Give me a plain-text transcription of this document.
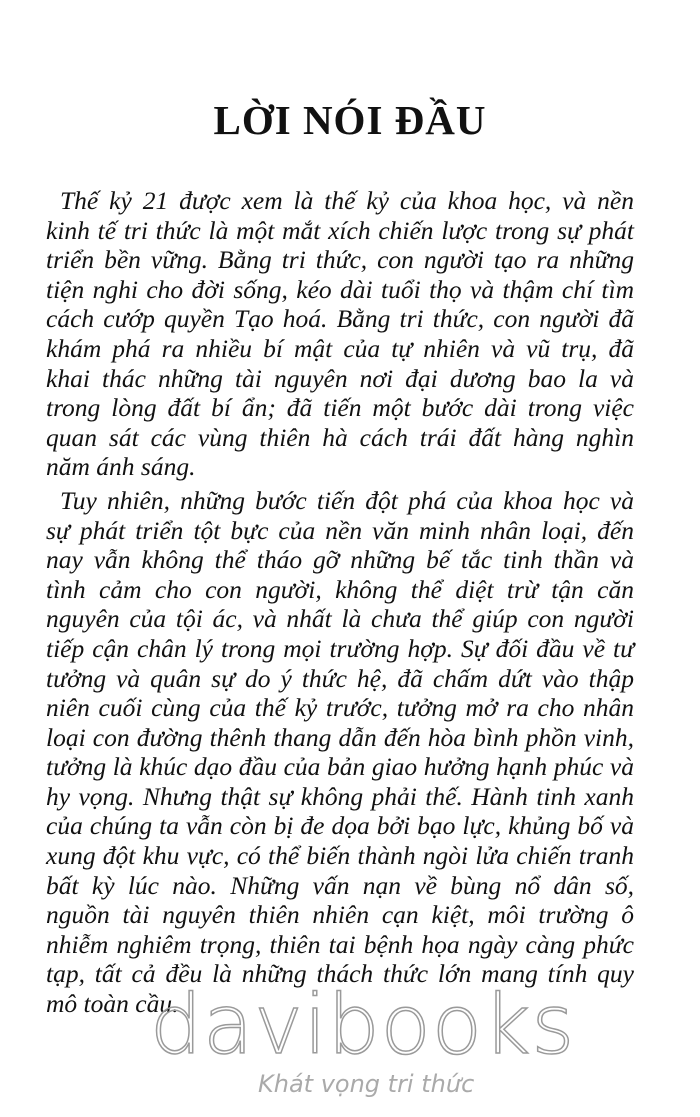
LỜI NÓI ĐẦU
Thế kỷ 21 được xem là thế kỷ của khoa học, và nền
kinh tế tri thức là một mắt xích chiến lược trong sự phát
triển bền vững. Bằng tri thức, con người tạo ra những
tiện nghi cho đời sống, kéo dài tuổi thọ và thậm chí tìm
cách cướp quyền Tạo hoá. Bằng tri thức, con người đã
khám phá ra nhiều bí mật của tự nhiên và vũ trụ, đã
khai thác những tài nguyên nơi đại dương bao la và
trong lòng đất bí ẩn; đã tiến một bước dài trong việc
quan sát các vùng thiên hà cách trái đất hàng nghìn
năm ánh sáng.
Tuy nhiên, những bước tiến đột phá của khoa học và
sự phát triển tột bực của nền văn minh nhân loại, đến
nay vẫn không thể tháo gỡ những bế tắc tinh thần và
tình cảm cho con người, không thể diệt trừ tận căn
nguyên của tội ác, và nhất là chưa thể giúp con người
tiếp cận chân lý trong mọi trường hợp. Sự đối đầu về tư
tưởng và quân sự do ý thức hệ, đã chấm dứt vào thập
niên cuối cùng của thế kỷ trước, tưởng mở ra cho nhân
loại con đường thênh thang dẫn đến hòa bình phồn vinh,
tưởng là khúc dạo đầu của bản giao hưởng hạnh phúc và
hy vọng. Nhưng thật sự không phải thế. Hành tinh xanh
của chúng ta vẫn còn bị đe dọa bởi bạo lực, khủng bố và
xung đột khu vực, có thể biến thành ngòi lửa chiến tranh
bất kỳ lúc nào. Những vấn nạn về bùng nổ dân số,
nguồn tài nguyên thiên nhiên cạn kiệt, môi trường ô
nhiễm nghiêm trọng, thiên tai bệnh họa ngày càng phức
tạp, tất cả đều là những thách thức lớn mang tính quy
mô toàn cầu.
davibooks
Khát vọng tri thức
